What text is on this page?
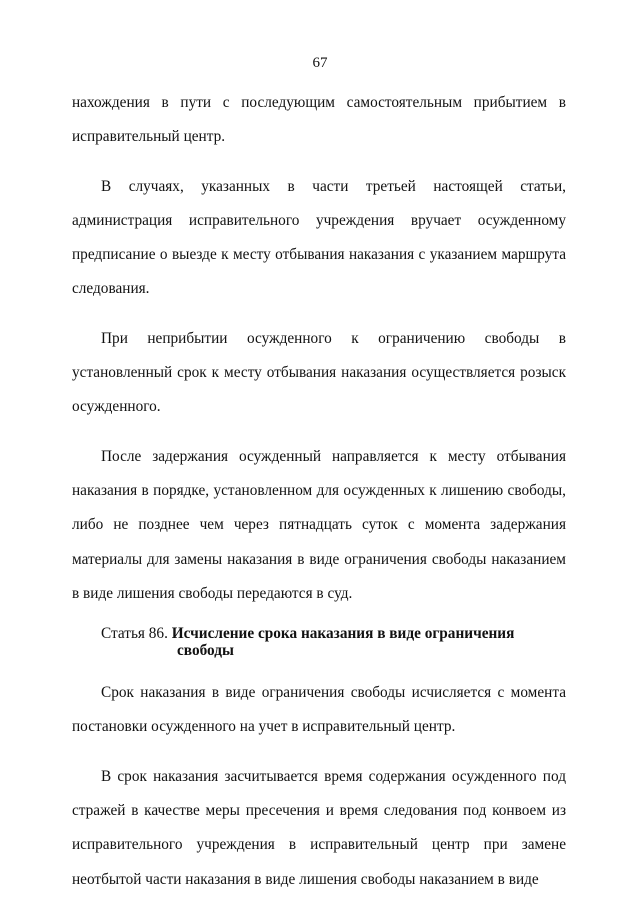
67

нахождения в пути с последующим самостоятельным прибытием в исправительный центр.

В случаях, указанных в части третьей настоящей статьи, администрация исправительного учреждения вручает осужденному предписание о выезде к месту отбывания наказания с указанием маршрута следования.

При неприбытии осужденного к ограничению свободы в установленный срок к месту отбывания наказания осуществляется розыск осужденного.

После задержания осужденный направляется к месту отбывания наказания в порядке, установленном для осужденных к лишению свободы, либо не позднее чем через пятнадцать суток с момента задержания материалы для замены наказания в виде ограничения свободы наказанием в виде лишения свободы передаются в суд.

Статья 86. Исчисление срока наказания в виде ограничения
свободы

Срок наказания в виде ограничения свободы исчисляется с момента постановки осужденного на учет в исправительный центр.

В срок наказания засчитывается время содержания осужденного под стражей в качестве меры пресечения и время следования под конвоем из исправительного учреждения в исправительный центр при замене неотбытой части наказания в виде лишения свободы наказанием в виде
